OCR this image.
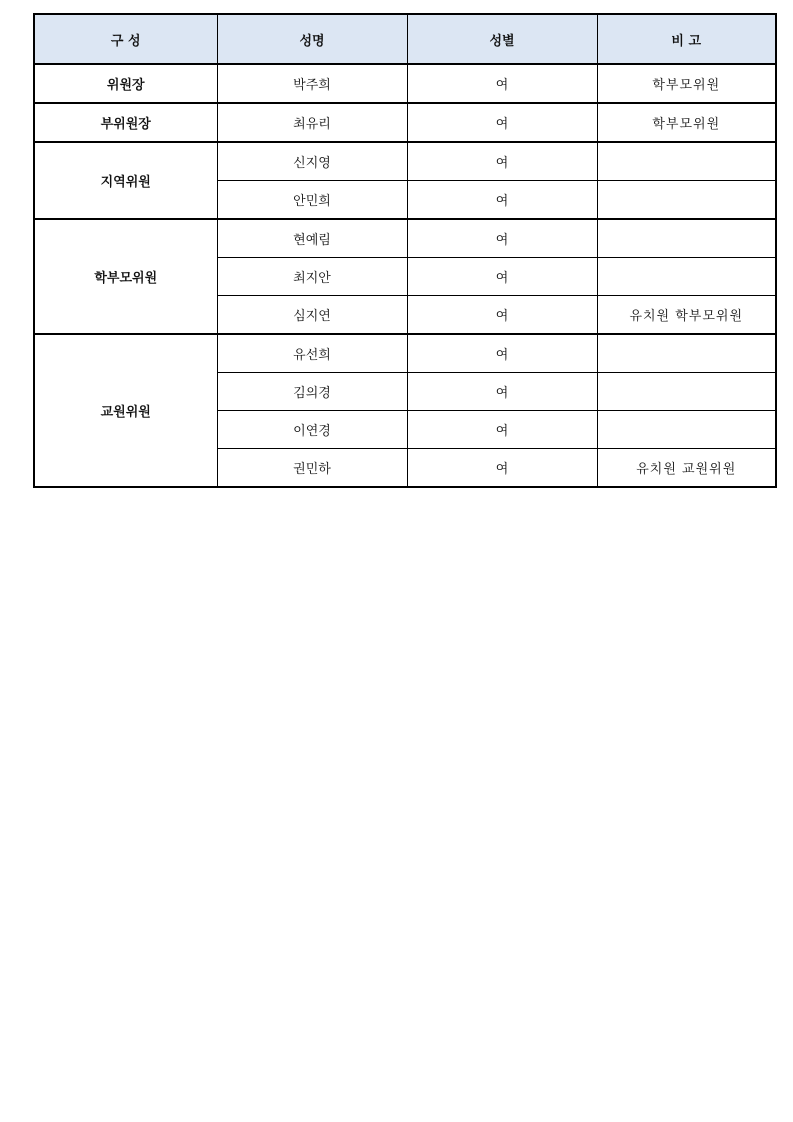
구 성	성명	성별	비 고
위원장	박주희	여	학부모위원
부위원장	최유리	여	학부모위원
지역위원	신지영	여	
	안민희	여	
학부모위원	현예림	여	
	최지안	여	
	심지연	여	유치원 학부모위원
교원위원	유선희	여	
	김의경	여	
	이연경	여	
	권민하	여	유치원 교원위원
